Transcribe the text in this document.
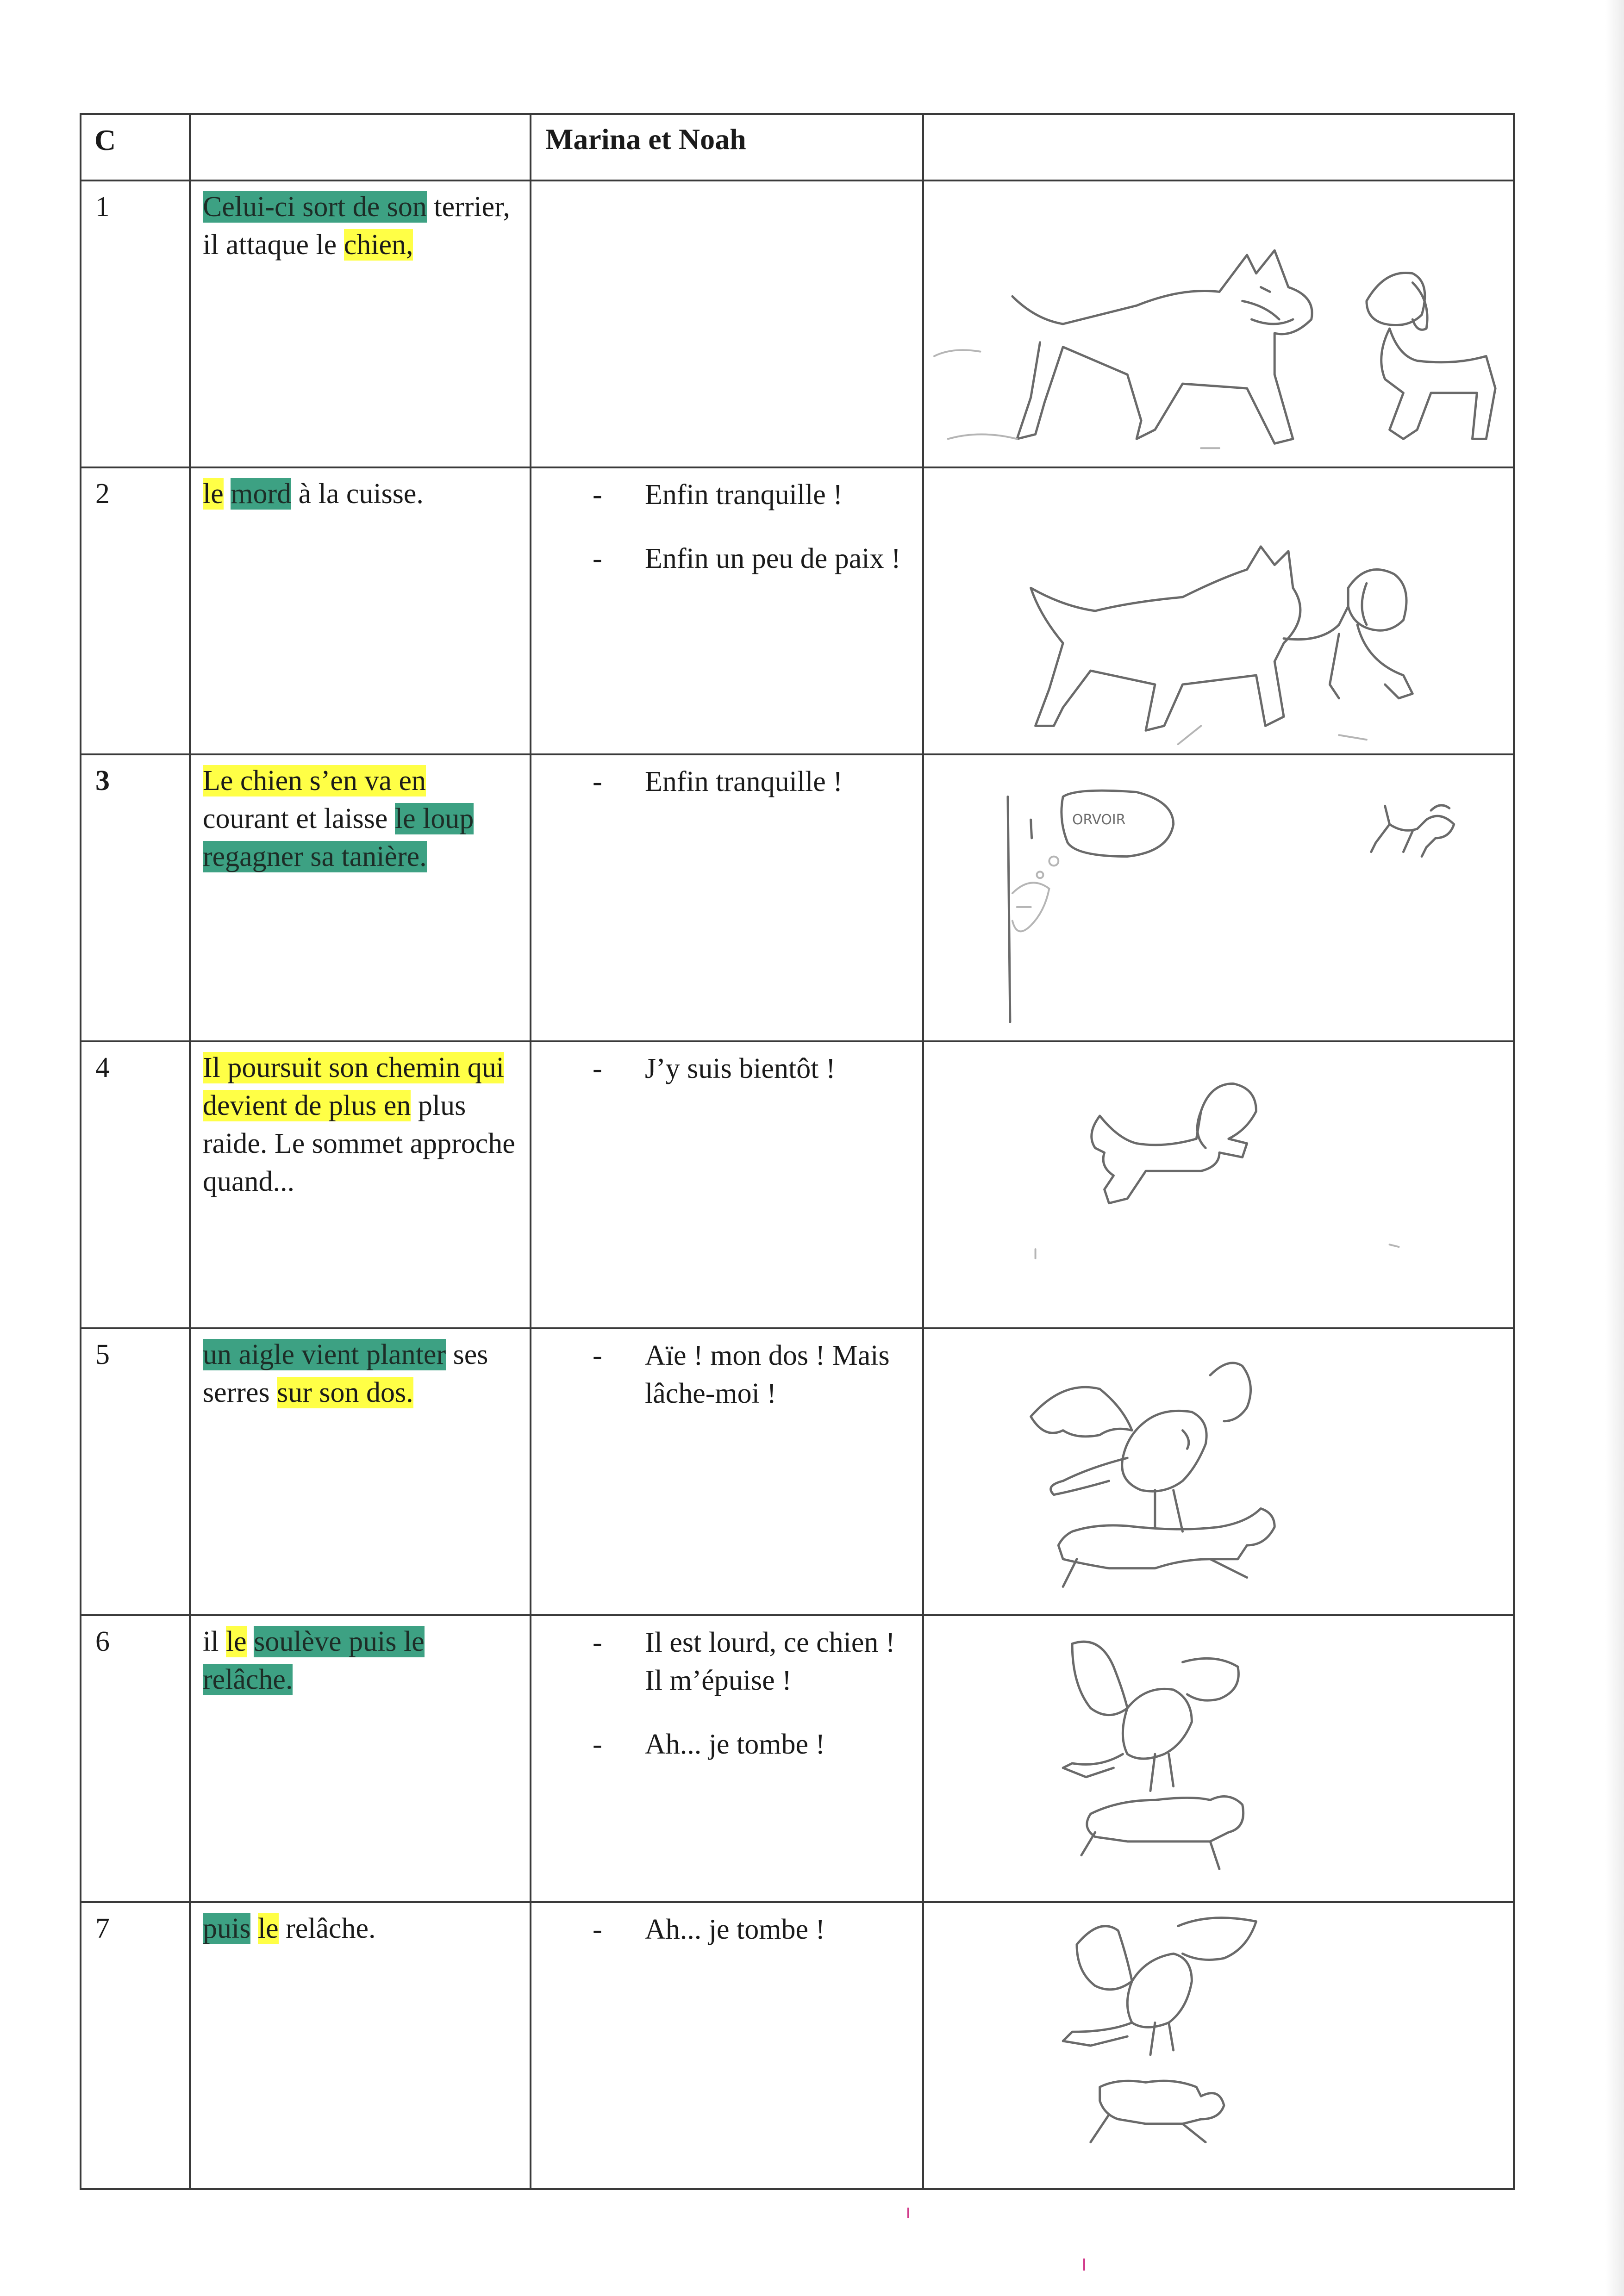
C		Marina et Noah	

1	Celui-ci sort de son terrier, il attaque le chien,

2	le mord à la cuisse.	- Enfin tranquille !
- Enfin un peu de paix !

3	Le chien s’en va en courant et laisse le loup regagner sa tanière.	- Enfin tranquille !	ORVOIR

4	Il poursuit son chemin qui devient de plus en plus raide. Le sommet approche quand...	- J’y suis bientôt !

5	un aigle vient planter ses serres sur son dos.	- Aïe ! mon dos ! Mais lâche-moi !

6	il le soulève puis le relâche.	- Il est lourd, ce chien ! Il m’épuise !
- Ah... je tombe !

7	puis le relâche.	- Ah... je tombe !
